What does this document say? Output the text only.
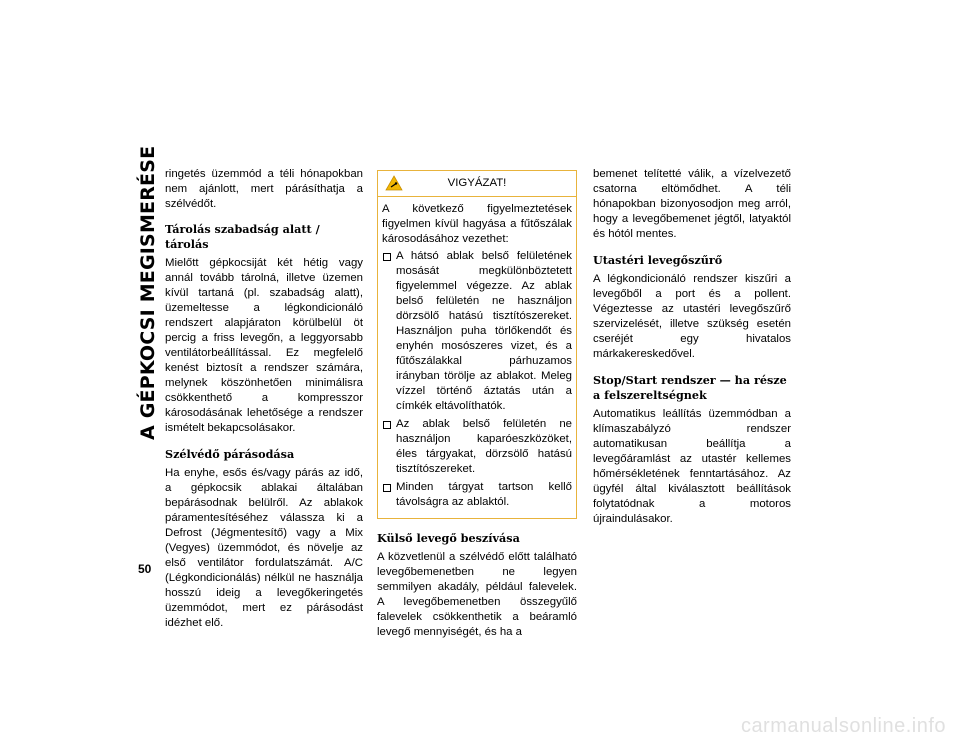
A GÉPKOCSI MEGISMERÉSE ringetés üzemmód a téli hónapokban nem ajánlott, mert párásíthatja a szélvédőt.

Tárolás szabadság alatt / tárolás

Mielőtt gépkocsiját két hétig vagy annál tovább tárolná, illetve üzemen kívül tartaná (pl. szabadság alatt), üzemeltesse a légkondicionáló rendszert alapjáraton körülbelül öt percig a friss levegőn, a leggyorsabb ventilátorbeállítással. Ez megfelelő kenést biztosít a rendszer számára, melynek köszönhetően minimálisra csökkenthető a kompresszor károsodásának lehetősége a rendszer ismételt bekapcsolásakor.

Szélvédő párásodása

Ha enyhe, esős és/vagy párás az idő, a gépkocsik ablakai általában bepárásodnak belülről. Az ablakok páramentesítéséhez válassza ki a Defrost (Jégmentesítő) vagy a Mix (Vegyes) üzemmódot, és növelje az első ventilátor fordulatszámát. A/C (Légkondicionálás) nélkül ne használja hosszú ideig a levegőkeringetés üzemmódot, mert ez párásodást idézhet elő.

VIGYÁZAT!

A következő figyelmeztetések figyelmen kívül hagyása a fűtőszálak károsodásához vezethet:

A hátsó ablak belső felületének mosását megkülönböztetett figyelemmel végezze. Az ablak belső felületén ne használjon dörzsölő hatású tisztítószereket. Használjon puha törlőkendőt és enyhén mosószeres vizet, és a fűtőszálakkal párhuzamos irányban törölje az ablakot. Meleg vízzel történő áztatás után a címkék eltávolíthatók.
Az ablak belső felületén ne használjon kaparóeszközöket, éles tárgyakat, dörzsölő hatású tisztítószereket.
Minden tárgyat tartson kellő távolságra az ablaktól.
Külső levegő beszívása

A közvetlenül a szélvédő előtt található levegőbemenetben ne legyen semmilyen akadály, például falevelek. A levegőbemenetben összegyűlő falevelek csökkenthetik a beáramló levegő mennyiségét, és ha a

bemenet telítetté válik, a vízelvezető csatorna eltömődhet. A téli hónapokban bizonyosodjon meg arról, hogy a levegőbemenet jégtől, latyaktól és hótól mentes.

Utastéri levegőszűrő

A légkondicionáló rendszer kiszűri a levegőből a port és a pollent. Végeztesse az utastéri levegőszűrő szervizelését, illetve szükség esetén cseréjét egy hivatalos márkakereskedővel.

Stop/Start rendszer — ha része a felszereltségnek

Automatikus leállítás üzemmódban a klímaszabályzó rendszer automatikusan beállítja a levegőáramlást az utastér kellemes hőmérsékletének fenntartásához. Az ügyfél által kiválasztott beállítások folytatódnak a motoros újraindulásakor.

50
carmanualsonline.info
